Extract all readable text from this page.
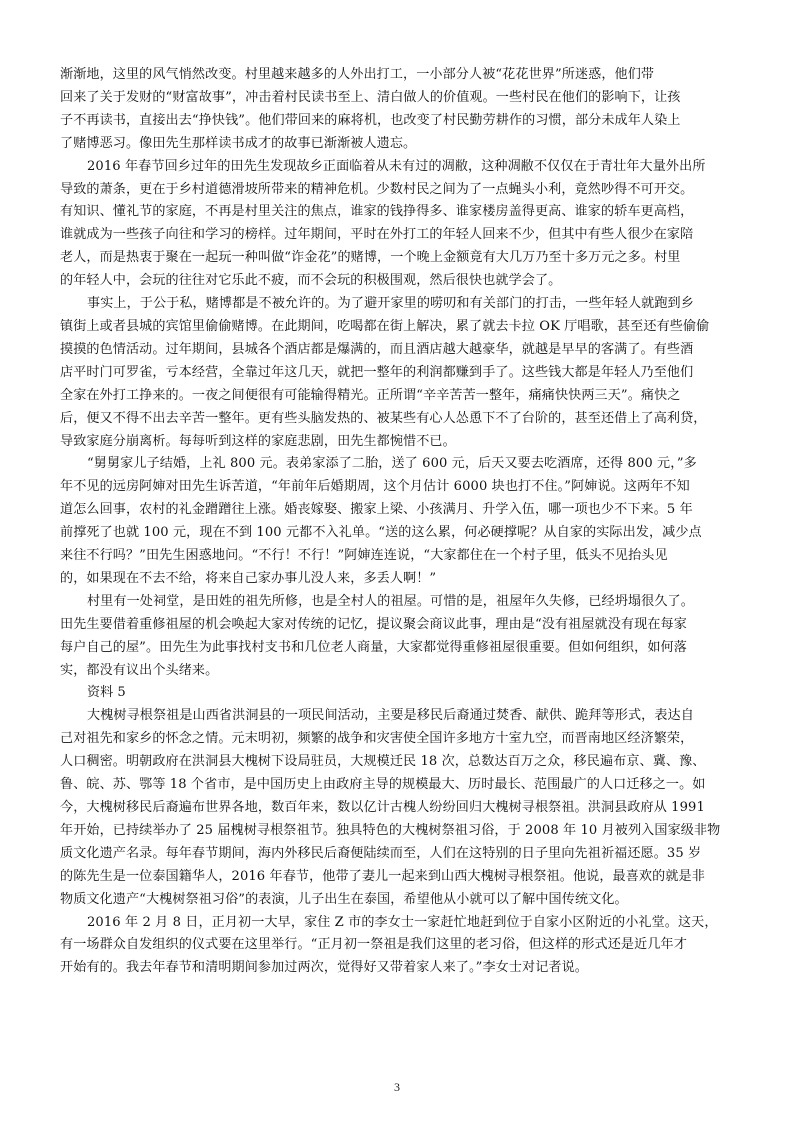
渐渐地，这里的风气悄然改变。村里越来越多的人外出打工，一小部分人被“花花世界”所迷惑，他们带
回来了关于发财的“财富故事”，冲击着村民读书至上、清白做人的价值观。一些村民在他们的影响下，让孩
子不再读书，直接出去“挣快钱”。他们带回来的麻将机，也改变了村民勤劳耕作的习惯，部分未成年人染上
了赌博恶习。像田先生那样读书成才的故事已渐渐被人遗忘。
2016 年春节回乡过年的田先生发现故乡正面临着从未有过的凋敝，这种凋敝不仅仅在于青壮年大量外出所
导致的萧条，更在于乡村道德滑坡所带来的精神危机。少数村民之间为了一点蝇头小利，竟然吵得不可开交。
有知识、懂礼节的家庭，不再是村里关注的焦点，谁家的钱挣得多、谁家楼房盖得更高、谁家的轿车更高档，
谁就成为一些孩子向往和学习的榜样。过年期间，平时在外打工的年轻人回来不少，但其中有些人很少在家陪
老人，而是热衷于聚在一起玩一种叫做“诈金花”的赌博，一个晚上金额竟有大几万乃至十多万元之多。村里
的年轻人中，会玩的往往对它乐此不疲，而不会玩的积极围观，然后很快也就学会了。
事实上，于公于私，赌博都是不被允许的。为了避开家里的唠叨和有关部门的打击，一些年轻人就跑到乡
镇街上或者县城的宾馆里偷偷赌博。在此期间，吃喝都在街上解决，累了就去卡拉 OK 厅唱歌，甚至还有些偷偷
摸摸的色情活动。过年期间，县城各个酒店都是爆满的，而且酒店越大越豪华，就越是早早的客满了。有些酒
店平时门可罗雀，亏本经营，全靠过年这几天，就把一整年的利润都赚到手了。这些钱大都是年轻人乃至他们
全家在外打工挣来的。一夜之间便很有可能输得精光。正所谓“辛辛苦苦一整年，痛痛快快两三天”。痛快之
后，便又不得不出去辛苦一整年。更有些头脑发热的、被某些有心人怂恿下不了台阶的，甚至还借上了高利贷，
导致家庭分崩离析。每每听到这样的家庭悲剧，田先生都惋惜不已。
“舅舅家儿子结婚，上礼 800 元。表弟家添了二胎，送了 600 元，后天又要去吃酒席，还得 800 元，”多
年不见的远房阿婶对田先生诉苦道，“年前年后婚期周，这个月估计 6000 块也打不住。”阿婶说。这两年不知
道怎么回事，农村的礼金蹭蹭往上涨。婚丧嫁娶、搬家上梁、小孩满月、升学入伍，哪一项也少不下来。5 年
前撑死了也就 100 元，现在不到 100 元都不入礼单。“送的这么累，何必硬撑呢？从自家的实际出发，减少点
来往不行吗？”田先生困惑地问。“不行！不行！”阿婶连连说，“大家都住在一个村子里，低头不见抬头见
的，如果现在不去不给，将来自己家办事儿没人来，多丢人啊！”
村里有一处祠堂，是田姓的祖先所修，也是全村人的祖屋。可惜的是，祖屋年久失修，已经坍塌很久了。
田先生要借着重修祖屋的机会唤起大家对传统的记忆，提议聚会商议此事，理由是“没有祖屋就没有现在每家
每户自己的屋”。田先生为此事找村支书和几位老人商量，大家都觉得重修祖屋很重要。但如何组织，如何落
实，都没有议出个头绪来。
资料 5
大槐树寻根祭祖是山西省洪洞县的一项民间活动，主要是移民后裔通过焚香、献供、跪拜等形式，表达自
己对祖先和家乡的怀念之情。元末明初，频繁的战争和灾害使全国许多地方十室九空，而晋南地区经济繁荣，
人口稠密。明朝政府在洪洞县大槐树下设局驻员，大规模迁民 18 次，总数达百万之众，移民遍布京、冀、豫、
鲁、皖、苏、鄂等 18 个省市，是中国历史上由政府主导的规模最大、历时最长、范围最广的人口迁移之一。如
今，大槐树移民后裔遍布世界各地，数百年来，数以亿计古槐人纷纷回归大槐树寻根祭祖。洪洞县政府从 1991
年开始，已持续举办了 25 届槐树寻根祭祖节。独具特色的大槐树祭祖习俗，于 2008 年 10 月被列入国家级非物
质文化遗产名录。每年春节期间，海内外移民后裔便陆续而至，人们在这特别的日子里向先祖祈福还愿。35 岁
的陈先生是一位泰国籍华人，2016 年春节，他带了妻儿一起来到山西大槐树寻根祭祖。他说，最喜欢的就是非
物质文化遗产“大槐树祭祖习俗”的表演，儿子出生在泰国，希望他从小就可以了解中国传统文化。
2016 年 2 月 8 日，正月初一大早，家住 Z 市的李女士一家赶忙地赶到位于自家小区附近的小礼堂。这天，
有一场群众自发组织的仪式要在这里举行。“正月初一祭祖是我们这里的老习俗，但这样的形式还是近几年才
开始有的。我去年春节和清明期间参加过两次，觉得好又带着家人来了。”李女士对记者说。
3
